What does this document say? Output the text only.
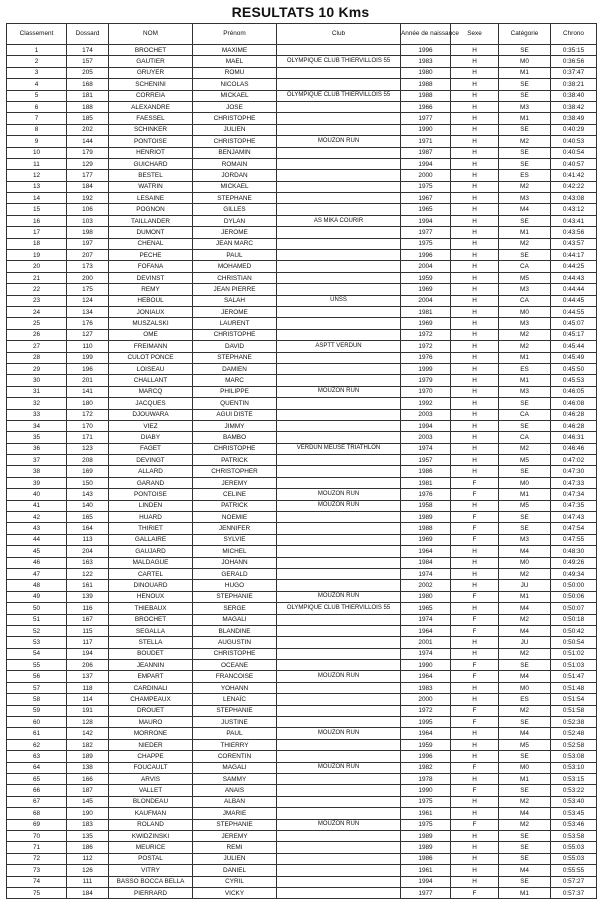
RESULTATS 10 Kms
Classement	Dossard	NOM	Prénom	Club	Année de naissance	Sexe	Catégorie	Chrono
1	174	BROCHET	MAXIME		1996	H	SE	0:35:15
2	157	GAUTIER	MAEL	OLYMPIQUE CLUB THIERVILLOIS 55	1983	H	M0	0:36:56
3	205	GRUYER	ROMU		1980	H	M1	0:37:47
4	168	SCHENINI	NICOLAS		1988	H	SE	0:38:21
5	181	CORREIA	MICKAEL	OLYMPIQUE CLUB THIERVILLOIS 55	1988	H	SE	0:38:40
6	188	ALEXANDRE	JOSE		1966	H	M3	0:38:42
7	185	FAESSEL	CHRISTOPHE		1977	H	M1	0:38:49
8	202	SCHINKER	JULIEN		1990	H	SE	0:40:29
9	144	PONTOISE	CHRISTOPHE	MOUZON RUN	1971	H	M2	0:40:53
10	179	HENRIOT	BENJAMIN		1987	H	SE	0:40:54
11	129	GUICHARD	ROMAIN		1994	H	SE	0:40:57
12	177	BESTEL	JORDAN		2000	H	ES	0:41:42
13	184	WATRIN	MICKAEL		1975	H	M2	0:42:22
14	192	LESAINE	STEPHANE		1967	H	M3	0:43:08
15	106	POGNON	GILLES		1965	H	M4	0:43:12
16	103	TAILLANDER	DYLAN	AS MIKA COURIR	1994	H	SE	0:43:41
17	198	DUMONT	JEROME		1977	H	M1	0:43:56
18	197	CHENAL	JEAN MARC		1975	H	M2	0:43:57
19	207	PECHE	PAUL		1996	H	SE	0:44:17
20	173	FOFANA	MOHAMED		2004	H	CA	0:44:25
21	200	DEVINST	CHRISTIAN		1959	H	M5	0:44:43
22	175	REMY	JEAN PIERRE		1969	H	M3	0:44:44
23	124	HEBOUL	SALAH	UNSS	2004	H	CA	0:44:45
24	134	JONIAUX	JEROME		1981	H	M0	0:44:55
25	176	MUSZALSKI	LAURENT		1969	H	M3	0:45:07
26	127	OME	CHRISTOPHE		1972	H	M2	0:45:17
27	110	FREIMANN	DAVID	ASPTT VERDUN	1972	H	M2	0:45:44
28	199	CULOT PONCE	STEPHANE		1976	H	M1	0:45:49
29	196	LOISEAU	DAMIEN		1999	H	ES	0:45:50
30	201	CHALLANT	MARC		1979	H	M1	0:45:53
31	141	MARCQ	PHILIPPE	MOUZON RUN	1970	H	M3	0:46:05
32	180	JACQUES	QUENTIN		1992	H	SE	0:46:08
33	172	DJOUWARA	AGUI DISTE		2003	H	CA	0:46:28
34	170	VIEZ	JIMMY		1994	H	SE	0:46:28
35	171	DIABY	BAMBO		2003	H	CA	0:46:31
36	123	FAGET	CHRISTOPHE	VERDUN MEUSE TRIATHLON	1974	H	M2	0:46:46
37	208	DEVINGT	PATRICK		1957	H	M5	0:47:02
38	169	ALLARD	CHRISTOPHER		1986	H	SE	0:47:30
39	150	GARAND	JEREMY		1981	F	M0	0:47:33
40	143	PONTOISE	CELINE	MOUZON RUN	1976	F	M1	0:47:34
41	140	LINDEN	PATRICK	MOUZON RUN	1958	H	M5	0:47:35
42	165	HUARD	NOEMIE		1989	F	SE	0:47:43
43	164	THIRIET	JENNIFER		1988	F	SE	0:47:54
44	113	GALLAIRE	SYLVIE		1969	F	M3	0:47:55
45	204	GAUJARD	MICHEL		1964	H	M4	0:48:30
46	163	MALDAGUE	JOHANN		1984	H	M0	0:49:26
47	122	CARTEL	GERALD		1974	H	M2	0:49:34
48	161	DINOUARD	HUGO		2002	H	JU	0:50:00
49	139	HENOUX	STEPHANIE	MOUZON RUN	1980	F	M1	0:50:06
50	116	THIEBAUX	SERGE	OLYMPIQUE CLUB THIERVILLOIS 55	1965	H	M4	0:50:07
51	167	BROCHET	MAGALI		1974	F	M2	0:50:18
52	115	SEGALLA	BLANDINE		1964	F	M4	0:50:42
53	117	STELLA	AUGUSTIN		2001	H	JU	0:50:54
54	194	BOUDET	CHRISTOPHE		1974	H	M2	0:51:02
55	206	JEANNIN	OCEANE		1990	F	SE	0:51:03
56	137	EMPART	FRANCOISE	MOUZON RUN	1964	F	M4	0:51:47
57	118	CARDINALI	YOHANN		1983	H	M0	0:51:48
58	114	CHAMPEAUX	LENAÏC		2000	H	ES	0:51:54
59	191	DROUET	STEPHANIE		1972	F	M2	0:51:58
60	128	MAURO	JUSTINE		1995	F	SE	0:52:38
61	142	MORRONE	PAUL	MOUZON RUN	1964	H	M4	0:52:48
62	182	NIEDER	THIERRY		1959	H	M5	0:52:58
63	189	CHAPPE	CORENTIN		1996	H	SE	0:53:08
64	138	FOUCAULT	MAGALI	MOUZON RUN	1982	F	M0	0:53:10
65	166	ARVIS	SAMMY		1978	H	M1	0:53:15
66	187	VALLET	ANAIS		1990	F	SE	0:53:22
67	145	BLONDEAU	ALBAN		1975	H	M2	0:53:40
68	190	KAUFMAN	JMARIE		1961	H	M4	0:53:45
69	183	ROLAND	STEPHANIE	MOUZON RUN	1975	F	M2	0:53:46
70	135	KWIDZINSKI	JEREMY		1989	H	SE	0:53:58
71	186	MEURICE	REMI		1989	H	SE	0:55:03
72	112	POSTAL	JULIEN		1986	H	SE	0:55:03
73	126	VITRY	DANIEL		1961	H	M4	0:55:55
74	111	BASSO BOCCA BELLA	CYRIL		1994	H	SE	0:57:27
75	184	PIERRARD	VICKY		1977	F	M1	0:57:37
